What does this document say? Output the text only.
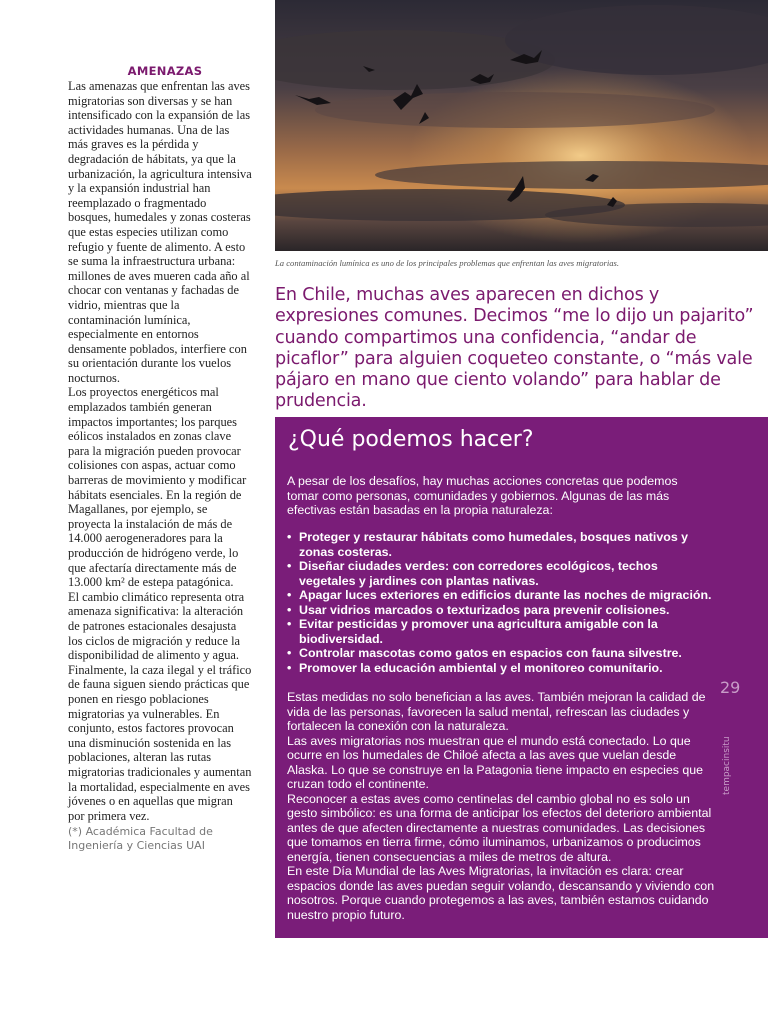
AMENAZAS

Las amenazas que enfrentan las aves migratorias son diversas y se han intensificado con la expansión de las actividades humanas. Una de las más graves es la pérdida y degradación de hábitats, ya que la urbanización, la agricultura intensiva y la expansión industrial han reemplazado o fragmentado bosques, humedales y zonas costeras que estas especies utilizan como refugio y fuente de alimento. A esto se suma la infraestructura urbana: millones de aves mueren cada año al chocar con ventanas y fachadas de vidrio, mientras que la contaminación lumínica, especialmente en entornos densamente poblados, interfiere con su orientación durante los vuelos nocturnos.

Los proyectos energéticos mal emplazados también generan impactos importantes; los parques eólicos instalados en zonas clave para la migración pueden provocar colisiones con aspas, actuar como barreras de movimiento y modificar hábitats esenciales. En la región de Magallanes, por ejemplo, se proyecta la instalación de más de 14.000 aerogeneradores para la producción de hidrógeno verde, lo que afectaría directamente más de 13.000 km² de estepa patagónica.

El cambio climático representa otra amenaza significativa: la alteración de patrones estacionales desajusta los ciclos de migración y reduce la disponibilidad de alimento y agua. Finalmente, la caza ilegal y el tráfico de fauna siguen siendo prácticas que ponen en riesgo poblaciones migratorias ya vulnerables. En conjunto, estos factores provocan una disminución sostenida en las poblaciones, alteran las rutas migratorias tradicionales y aumentan la mortalidad, especialmente en aves jóvenes o en aquellas que migran por primera vez.

(*) Académica Facultad de
Ingeniería y Ciencias UAI
La contaminación lumínica es uno de los principales problemas que enfrentan las aves migratorias.
En Chile, muchas aves aparecen en dichos y expresiones comunes. Decimos “me lo dijo un pajarito” cuando compartimos una confidencia, “andar de picaflor” para alguien coqueteo constante, o “más vale pájaro en mano que ciento volando” para hablar de prudencia.
¿Qué podemos hacer?
A pesar de los desafíos, hay muchas acciones concretas que podemos tomar como personas, comunidades y gobiernos. Algunas de las más efectivas están basadas en la propia naturaleza:
• Proteger y restaurar hábitats como humedales, bosques nativos y zonas costeras.
• Diseñar ciudades verdes: con corredores ecológicos, techos vegetales y jardines con plantas nativas.
• Apagar luces exteriores en edificios durante las noches de migración.
• Usar vidrios marcados o texturizados para prevenir colisiones.
• Evitar pesticidas y promover una agricultura amigable con la biodiversidad.
• Controlar mascotas como gatos en espacios con fauna silvestre.
• Promover la educación ambiental y el monitoreo comunitario.

Estas medidas no solo benefician a las aves. También mejoran la calidad de vida de las personas, favorecen la salud mental, refrescan las ciudades y fortalecen la conexión con la naturaleza.

Las aves migratorias nos muestran que el mundo está conectado. Lo que ocurre en los humedales de Chiloé afecta a las aves que vuelan desde Alaska. Lo que se construye en la Patagonia tiene impacto en especies que cruzan todo el continente.

Reconocer a estas aves como centinelas del cambio global no es solo un gesto simbólico: es una forma de anticipar los efectos del deterioro ambiental antes de que afecten directamente a nuestras comunidades. Las decisiones que tomamos en tierra firme, cómo iluminamos, urbanizamos o producimos energía, tienen consecuencias a miles de metros de altura.

En este Día Mundial de las Aves Migratorias, la invitación es clara: crear espacios donde las aves puedan seguir volando, descansando y viviendo con nosotros. Porque cuando protegemos a las aves, también estamos cuidando nuestro propio futuro.

29
tempacinsitu
